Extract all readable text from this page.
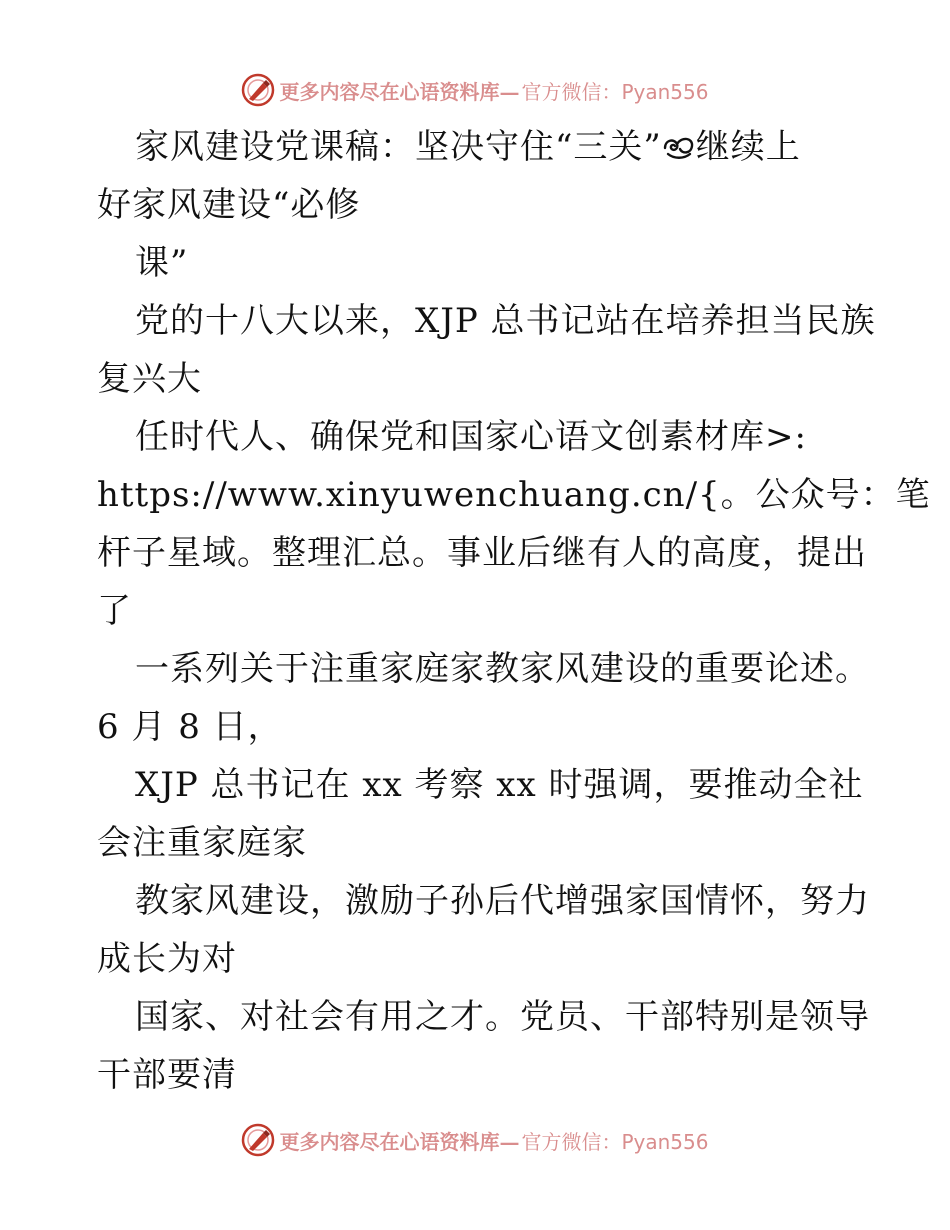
更多内容尽在心语资料库— 官方微信：Pyan556
家风建设党课稿：坚决守住“三关” 继续上
好家风建设“必修
课”
党的十八大以来，XJP 总书记站在培养担当民族
复兴大
任时代人、确保党和国家心语文创素材库>:
https://www.xinyuwenchuang.cn/{。公众号：笔
杆子星域。整理汇总。事业后继有人的高度，提出
了
一系列关于注重家庭家教家风建设的重要论述。
6 月 8 日，
XJP 总书记在 xx 考察 xx 时强调，要推动全社
会注重家庭家
教家风建设，激励子孙后代增强家国情怀，努力
成长为对
国家、对社会有用之才。党员、干部特别是领导
干部要清
更多内容尽在心语资料库— 官方微信：Pyan556
